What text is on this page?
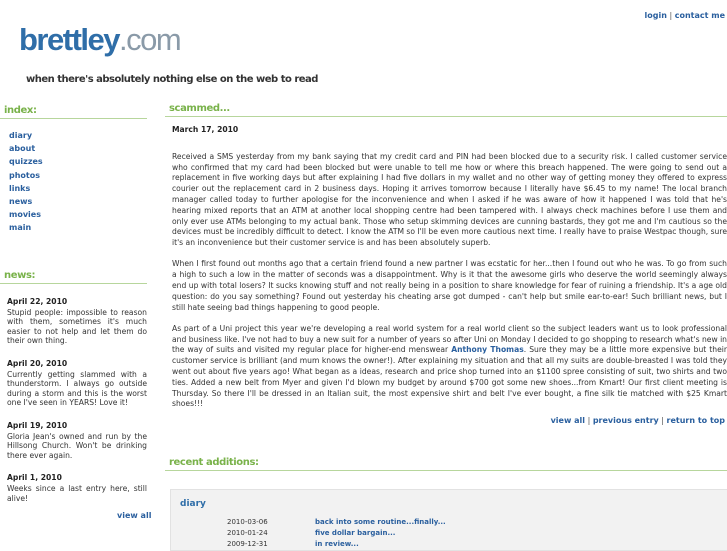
login | contact me
brettley.com
when there's absolutely nothing else on the web to read
index:
diary
about
quizzes
photos
links
news
movies
main
news:
April 22, 2010
Stupid people: impossible to reason with them, sometimes it's much easier to not help and let them do their own thing.
April 20, 2010
Currently getting slammed with a thunderstorm. I always go outside during a storm and this is the worst one I've seen in YEARS! Love it!
April 19, 2010
Gloria Jean's owned and run by the Hillsong Church. Won't be drinking there ever again.
April 1, 2010
Weeks since a last entry here, still alive!
view all
scammed...
March 17, 2010

Received a SMS yesterday from my bank saying that my credit card and PIN had been blocked due to a security risk. I called customer service who confirmed that my card had been blocked but were unable to tell me how or where this breach happened. The were going to send out a replacement in five working days but after explaining I had five dollars in my wallet and no other way of getting money they offered to express courier out the replacement card in 2 business days. Hoping it arrives tomorrow because I literally have $6.45 to my name! The local branch manager called today to further apologise for the inconvenience and when I asked if he was aware of how it happened I was told that he's hearing mixed reports that an ATM at another local shopping centre had been tampered with. I always check machines before I use them and only ever use ATMs belonging to my actual bank. Those who setup skimming devices are cunning bastards, they got me and I'm cautious so the devices must be incredibly difficult to detect. I know the ATM so I'll be even more cautious next time. I really have to praise Westpac though, sure it's an inconvenience but their customer service is and has been absolutely superb.

When I first found out months ago that a certain friend found a new partner I was ecstatic for her...then I found out who he was. To go from such a high to such a low in the matter of seconds was a disappointment. Why is it that the awesome girls who deserve the world seemingly always end up with total losers? It sucks knowing stuff and not really being in a position to share knowledge for fear of ruining a friendship. It's a age old question: do you say something? Found out yesterday his cheating arse got dumped - can't help but smile ear-to-ear! Such brilliant news, but I still hate seeing bad things happening to good people.

As part of a Uni project this year we're developing a real world system for a real world client so the subject leaders want us to look professional and business like. I've not had to buy a new suit for a number of years so after Uni on Monday I decided to go shopping to research what's new in the way of suits and visited my regular place for higher-end menswear Anthony Thomas. Sure they may be a little more expensive but their customer service is brilliant (and mum knows the owner!). After explaining my situation and that all my suits are double-breasted I was told they went out about five years ago! What began as a ideas, research and price shop turned into an $1100 spree consisting of suit, two shirts and two ties. Added a new belt from Myer and given I'd blown my budget by around $700 got some new shoes...from Kmart! Our first client meeting is Thursday. So there I'll be dressed in an Italian suit, the most expensive shirt and belt I've ever bought, a fine silk tie matched with $25 Kmart shoes!!!

view all | previous entry | return to top
recent additions:
diary
2010-03-06	back into some routine...finally...
2010-01-24	five dollar bargain...
2009-12-31	in review...
